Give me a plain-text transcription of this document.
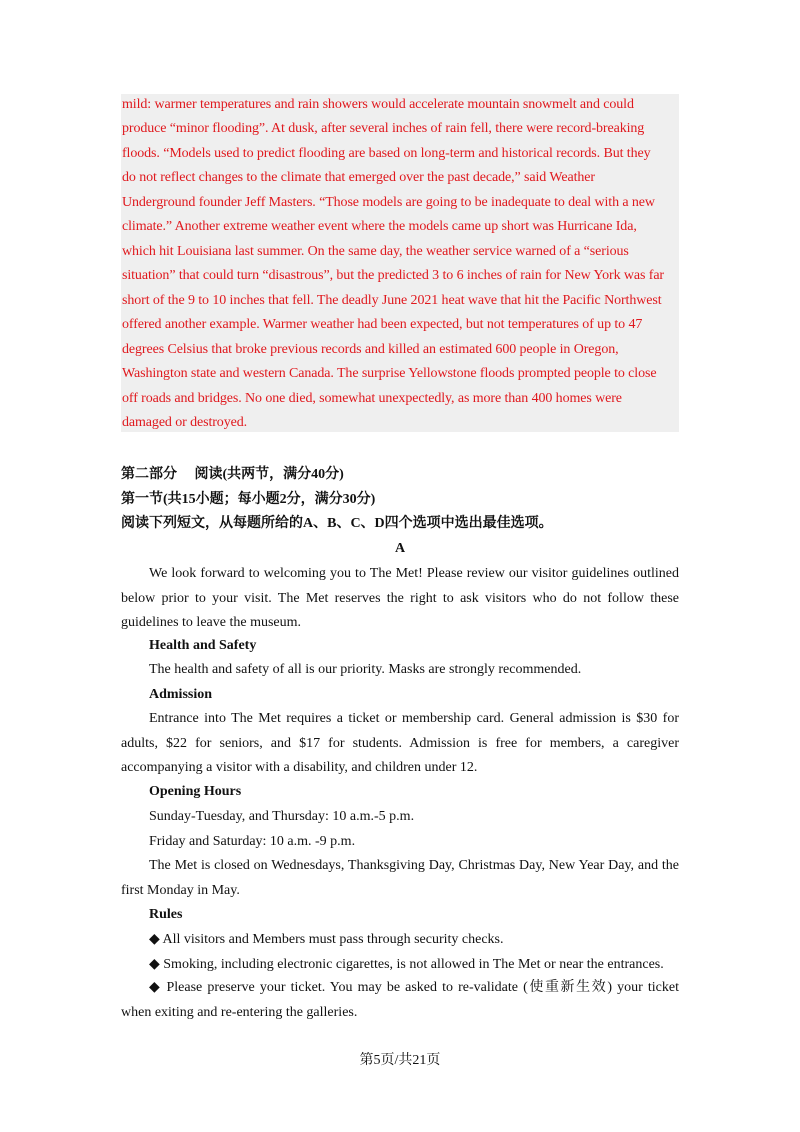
mild: warmer temperatures and rain showers would accelerate mountain snowmelt and could
produce “minor flooding”. At dusk, after several inches of rain fell, there were record-breaking
floods. “Models used to predict flooding are based on long-term and historical records. But they
do not reflect changes to the climate that emerged over the past decade,” said Weather
Underground founder Jeff Masters. “Those models are going to be inadequate to deal with a new
climate.” Another extreme weather event where the models came up short was Hurricane Ida,
which hit Louisiana last summer. On the same day, the weather service warned of a “serious
situation” that could turn “disastrous”, but the predicted 3 to 6 inches of rain for New York was far
short of the 9 to 10 inches that fell. The deadly June 2021 heat wave that hit the Pacific Northwest
offered another example. Warmer weather had been expected, but not temperatures of up to 47
degrees Celsius that broke previous records and killed an estimated 600 people in Oregon,
Washington state and western Canada. The surprise Yellowstone floods prompted people to close
off roads and bridges. No one died, somewhat unexpectedly, as more than 400 homes were
damaged or destroyed.
第二部分　 阅读(共两节，满分40分)
第一节(共15小题；每小题2分，满分30分)
阅读下列短文，从每题所给的A、B、C、D四个选项中选出最佳选项。
A
We look forward to welcoming you to The Met! Please review our visitor guidelines outlined below prior to your visit. The Met reserves the right to ask visitors who do not follow these guidelines to leave the museum.
Health and Safety
The health and safety of all is our priority. Masks are strongly recommended.
Admission
Entrance into The Met requires a ticket or membership card. General admission is $30 for adults, $22 for seniors, and $17 for students. Admission is free for members, a caregiver accompanying a visitor with a disability, and children under 12.
Opening Hours
Sunday-Tuesday, and Thursday: 10 a.m.-5 p.m.
Friday and Saturday: 10 a.m. -9 p.m.
The Met is closed on Wednesdays, Thanksgiving Day, Christmas Day, New Year Day, and the first Monday in May.
Rules
◆ All visitors and Members must pass through security checks.
◆ Smoking, including electronic cigarettes, is not allowed in The Met or near the entrances.
◆ Please preserve your ticket. You may be asked to re-validate (使重新生效) your ticket when exiting and re-entering the galleries.
第5页/共21页
